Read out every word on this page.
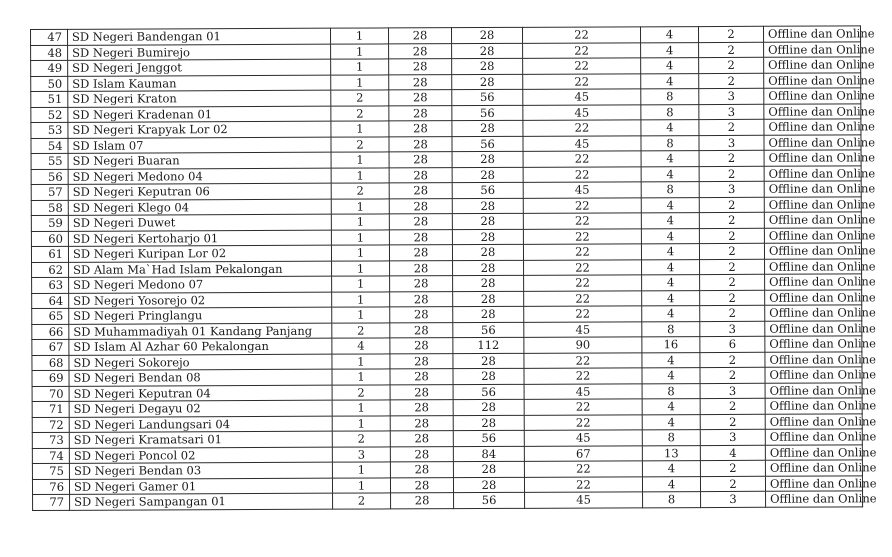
47	SD Negeri Bandengan 01	1	28	28	22	4	2	Offline dan Online
48	SD Negeri Bumirejo	1	28	28	22	4	2	Offline dan Online
49	SD Negeri Jenggot	1	28	28	22	4	2	Offline dan Online
50	SD Islam Kauman	1	28	28	22	4	2	Offline dan Online
51	SD Negeri Kraton	2	28	56	45	8	3	Offline dan Online
52	SD Negeri Kradenan 01	2	28	56	45	8	3	Offline dan Online
53	SD Negeri Krapyak Lor 02	1	28	28	22	4	2	Offline dan Online
54	SD Islam 07	2	28	56	45	8	3	Offline dan Online
55	SD Negeri Buaran	1	28	28	22	4	2	Offline dan Online
56	SD Negeri Medono 04	1	28	28	22	4	2	Offline dan Online
57	SD Negeri Keputran 06	2	28	56	45	8	3	Offline dan Online
58	SD Negeri Klego 04	1	28	28	22	4	2	Offline dan Online
59	SD Negeri Duwet	1	28	28	22	4	2	Offline dan Online
60	SD Negeri Kertoharjo 01	1	28	28	22	4	2	Offline dan Online
61	SD Negeri Kuripan Lor 02	1	28	28	22	4	2	Offline dan Online
62	SD Alam Ma`Had Islam Pekalongan	1	28	28	22	4	2	Offline dan Online
63	SD Negeri Medono 07	1	28	28	22	4	2	Offline dan Online
64	SD Negeri Yosorejo 02	1	28	28	22	4	2	Offline dan Online
65	SD Negeri Pringlangu	1	28	28	22	4	2	Offline dan Online
66	SD Muhammadiyah 01 Kandang Panjang	2	28	56	45	8	3	Offline dan Online
67	SD Islam Al Azhar 60 Pekalongan	4	28	112	90	16	6	Offline dan Online
68	SD Negeri Sokorejo	1	28	28	22	4	2	Offline dan Online
69	SD Negeri Bendan 08	1	28	28	22	4	2	Offline dan Online
70	SD Negeri Keputran 04	2	28	56	45	8	3	Offline dan Online
71	SD Negeri Degayu 02	1	28	28	22	4	2	Offline dan Online
72	SD Negeri Landungsari 04	1	28	28	22	4	2	Offline dan Online
73	SD Negeri Kramatsari 01	2	28	56	45	8	3	Offline dan Online
74	SD Negeri Poncol 02	3	28	84	67	13	4	Offline dan Online
75	SD Negeri Bendan 03	1	28	28	22	4	2	Offline dan Online
76	SD Negeri Gamer 01	1	28	28	22	4	2	Offline dan Online
77	SD Negeri Sampangan 01	2	28	56	45	8	3	Offline dan Online
